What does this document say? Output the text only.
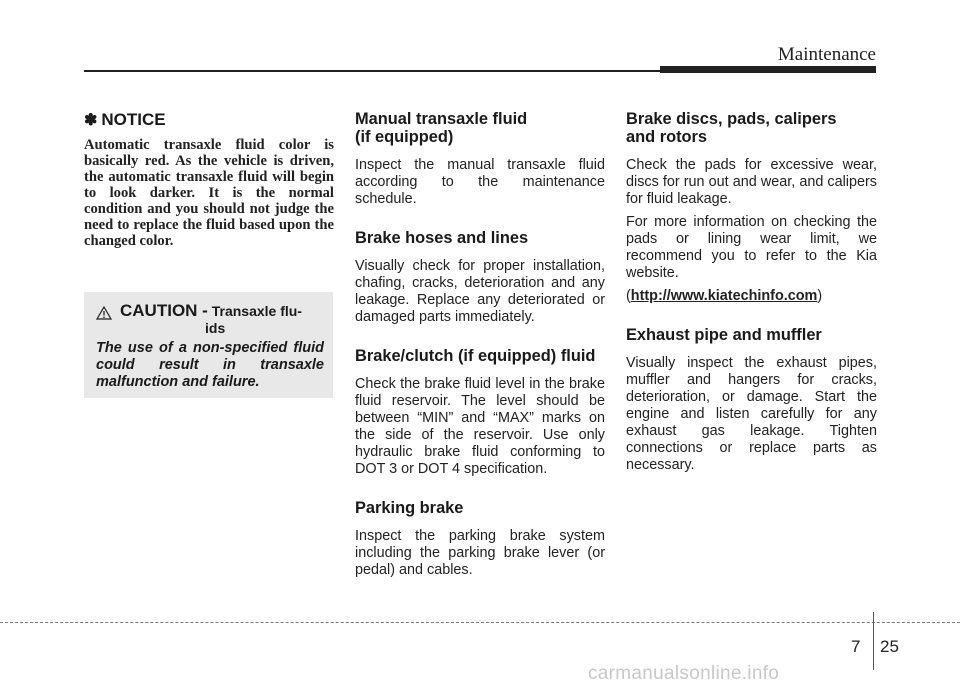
Maintenance
✽ NOTICE

Automatic transaxle fluid color is basically red. As the vehicle is driven, the automatic transaxle fluid will begin to look darker. It is the normal condition and you should not judge the need to replace the fluid based upon the changed color.

CAUTION - Transaxle flu-
ids

The use of a non-specified fluid could result in transaxle malfunction and failure.

Manual transaxle fluid
(if equipped)

Inspect the manual transaxle fluid according to the maintenance schedule.

Brake hoses and lines

Visually check for proper installation, chafing, cracks, deterioration and any leakage. Replace any deteriorated or damaged parts immediately.

Brake/clutch (if equipped) fluid

Check the brake fluid level in the brake fluid reservoir. The level should be between “MIN” and “MAX” marks on the side of the reservoir. Use only hydraulic brake fluid conforming to DOT 3 or DOT 4 specification.

Parking brake

Inspect the parking brake system including the parking brake lever (or pedal) and cables.

Brake discs, pads, calipers
and rotors

Check the pads for excessive wear, discs for run out and wear, and calipers for fluid leakage.

For more information on checking the pads or lining wear limit, we recommend you to refer to the Kia website.

(http://www.kiatechinfo.com)

Exhaust pipe and muffler

Visually inspect the exhaust pipes, muffler and hangers for cracks, deterioration, or damage. Start the engine and listen carefully for any exhaust gas leakage. Tighten connections or replace parts as necessary.

7 25
carmanualsonline.info
